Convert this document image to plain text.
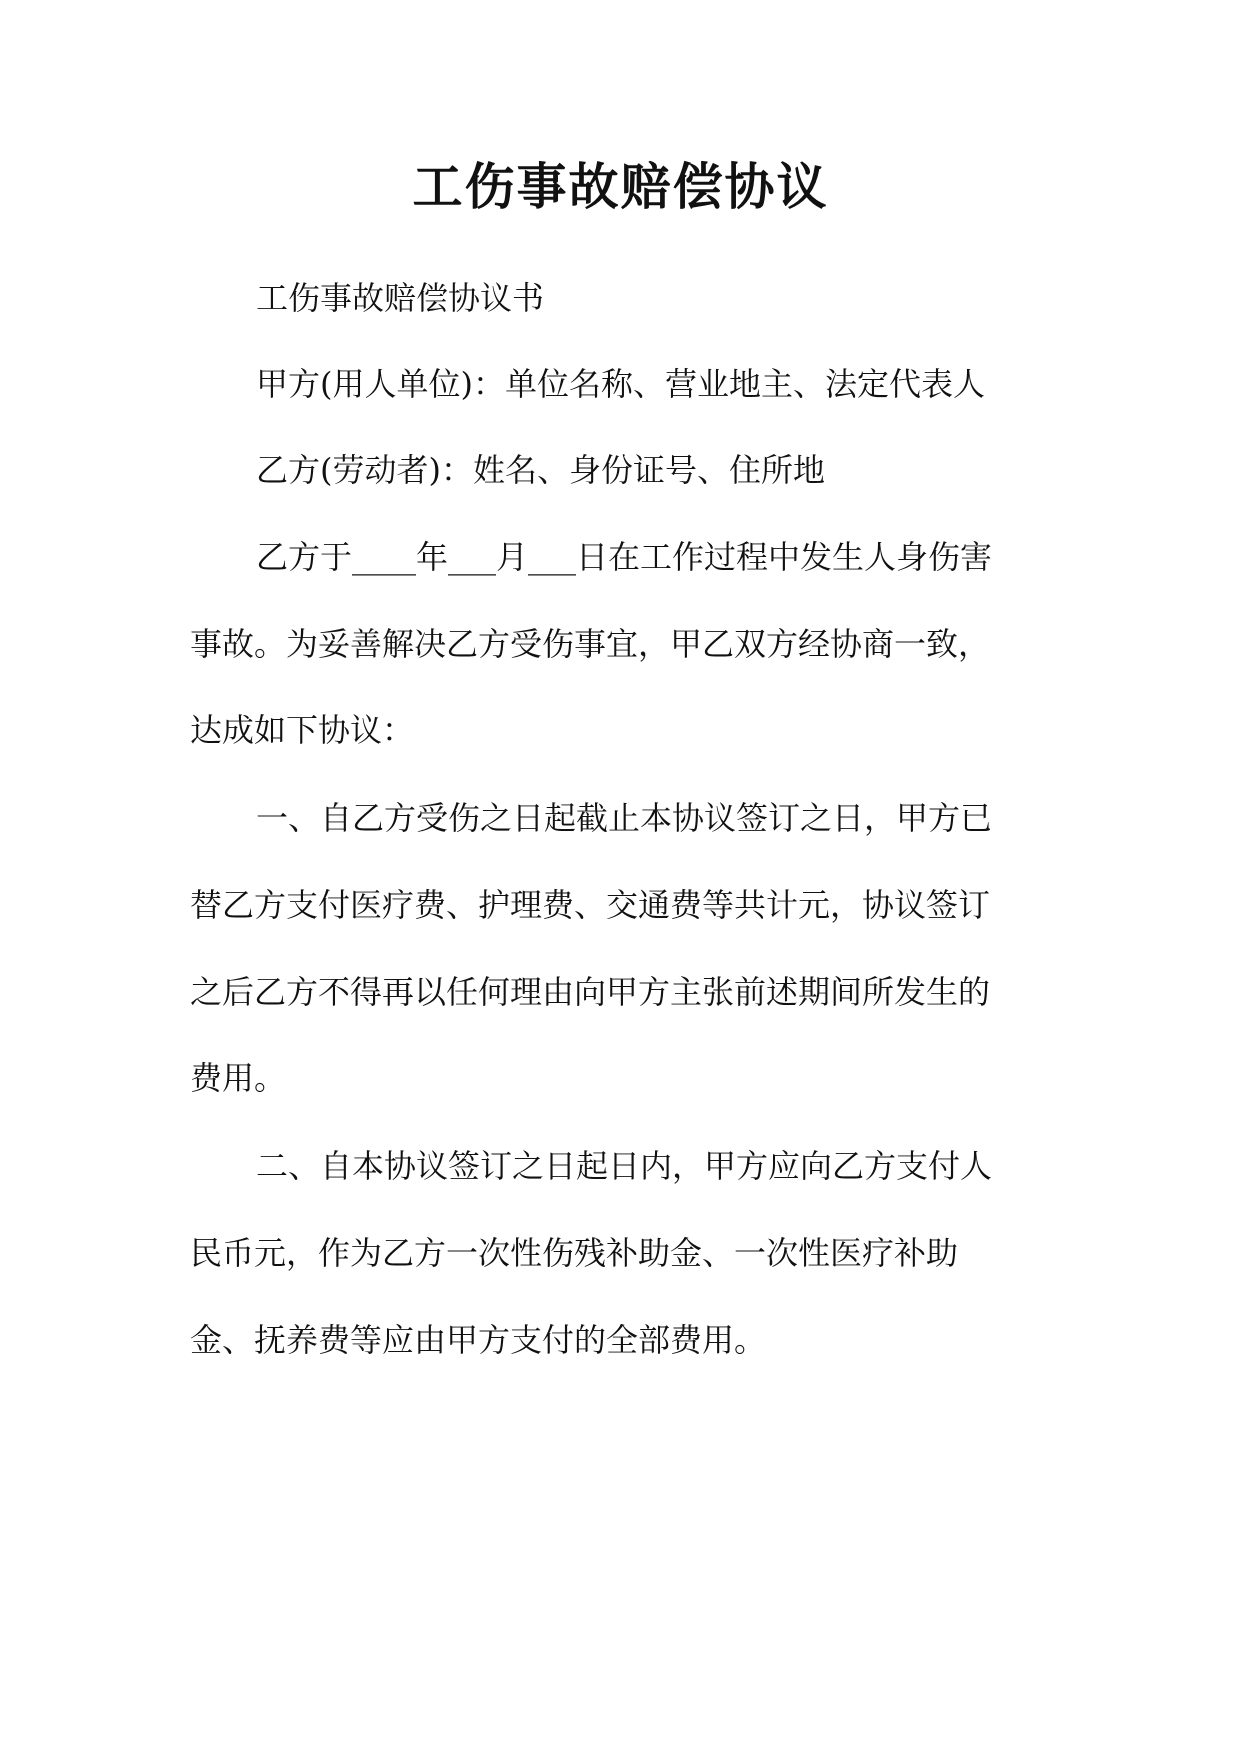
工伤事故赔偿协议

工伤事故赔偿协议书

甲方(用人单位)：单位名称、营业地主、法定代表人

乙方(劳动者)：姓名、身份证号、住所地

乙方于____年___月___日在工作过程中发生人身伤害

事故。为妥善解决乙方受伤事宜，甲乙双方经协商一致，

达成如下协议：

一、自乙方受伤之日起截止本协议签订之日，甲方已

替乙方支付医疗费、护理费、交通费等共计元，协议签订

之后乙方不得再以任何理由向甲方主张前述期间所发生的

费用。

二、自本协议签订之日起日内，甲方应向乙方支付人

民币元，作为乙方一次性伤残补助金、一次性医疗补助

金、抚养费等应由甲方支付的全部费用。
